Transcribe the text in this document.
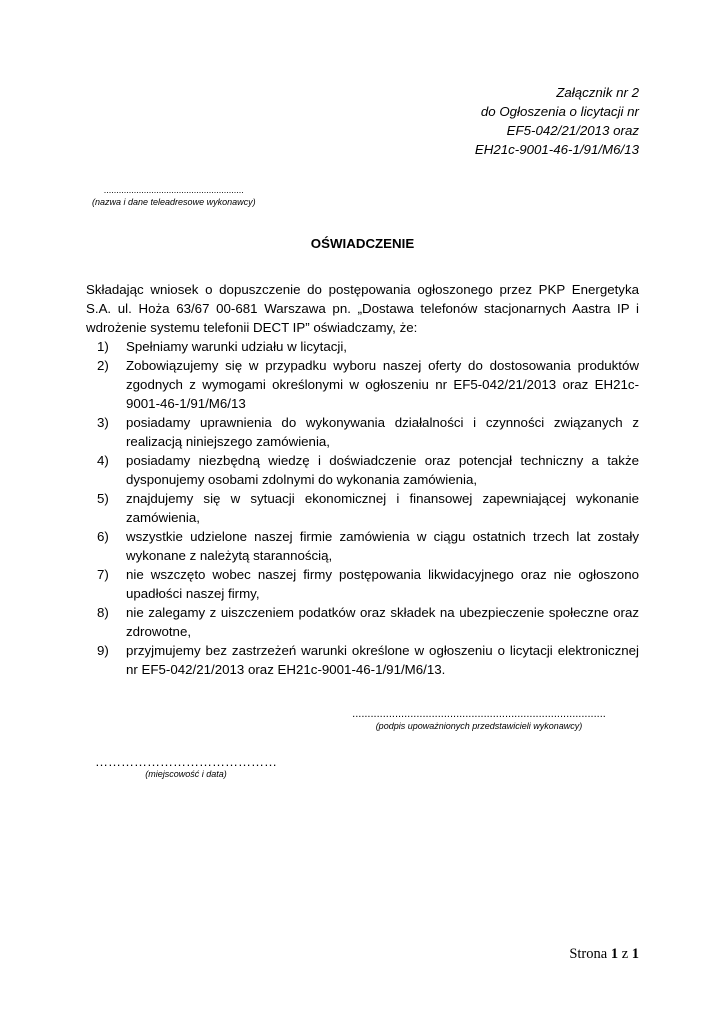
Załącznik nr 2
do Ogłoszenia o licytacji nr
EF5-042/21/2013 oraz
EH21c-9001-46-1/91/M6/13
........................................................
(nazwa i dane teleadresowe wykonawcy)
OŚWIADCZENIE
Składając wniosek o dopuszczenie do postępowania ogłoszonego przez PKP Energetyka S.A. ul. Hoża 63/67 00-681 Warszawa pn. „Dostawa telefonów stacjonarnych Aastra IP i wdrożenie systemu telefonii DECT IP” oświadczamy, że:
1) Spełniamy warunki udziału w licytacji,
2) Zobowiązujemy się w przypadku wyboru naszej oferty do dostosowania produktów zgodnych z wymogami określonymi w ogłoszeniu nr EF5-042/21/2013 oraz EH21c-9001-46-1/91/M6/13
3) posiadamy uprawnienia do wykonywania działalności i czynności związanych z realizacją niniejszego zamówienia,
4) posiadamy niezbędną wiedzę i doświadczenie oraz potencjał techniczny a także dysponujemy osobami zdolnymi do wykonania zamówienia,
5) znajdujemy się w sytuacji ekonomicznej i finansowej zapewniającej wykonanie zamówienia,
6) wszystkie udzielone naszej firmie zamówienia w ciągu ostatnich trzech lat zostały wykonane z należytą starannością,
7) nie wszczęto wobec naszej firmy postępowania likwidacyjnego oraz nie ogłoszono upadłości naszej firmy,
8) nie zalegamy z uiszczeniem podatków oraz składek na ubezpieczenie społeczne oraz zdrowotne,
9) przyjmujemy bez zastrzeżeń warunki określone w ogłoszeniu o licytacji elektronicznej nr EF5-042/21/2013 oraz EH21c-9001-46-1/91/M6/13.
...................................................................................
(podpis upoważnionych przedstawicieli wykonawcy)
……………………………………
(miejscowość i data)
Strona 1 z 1
